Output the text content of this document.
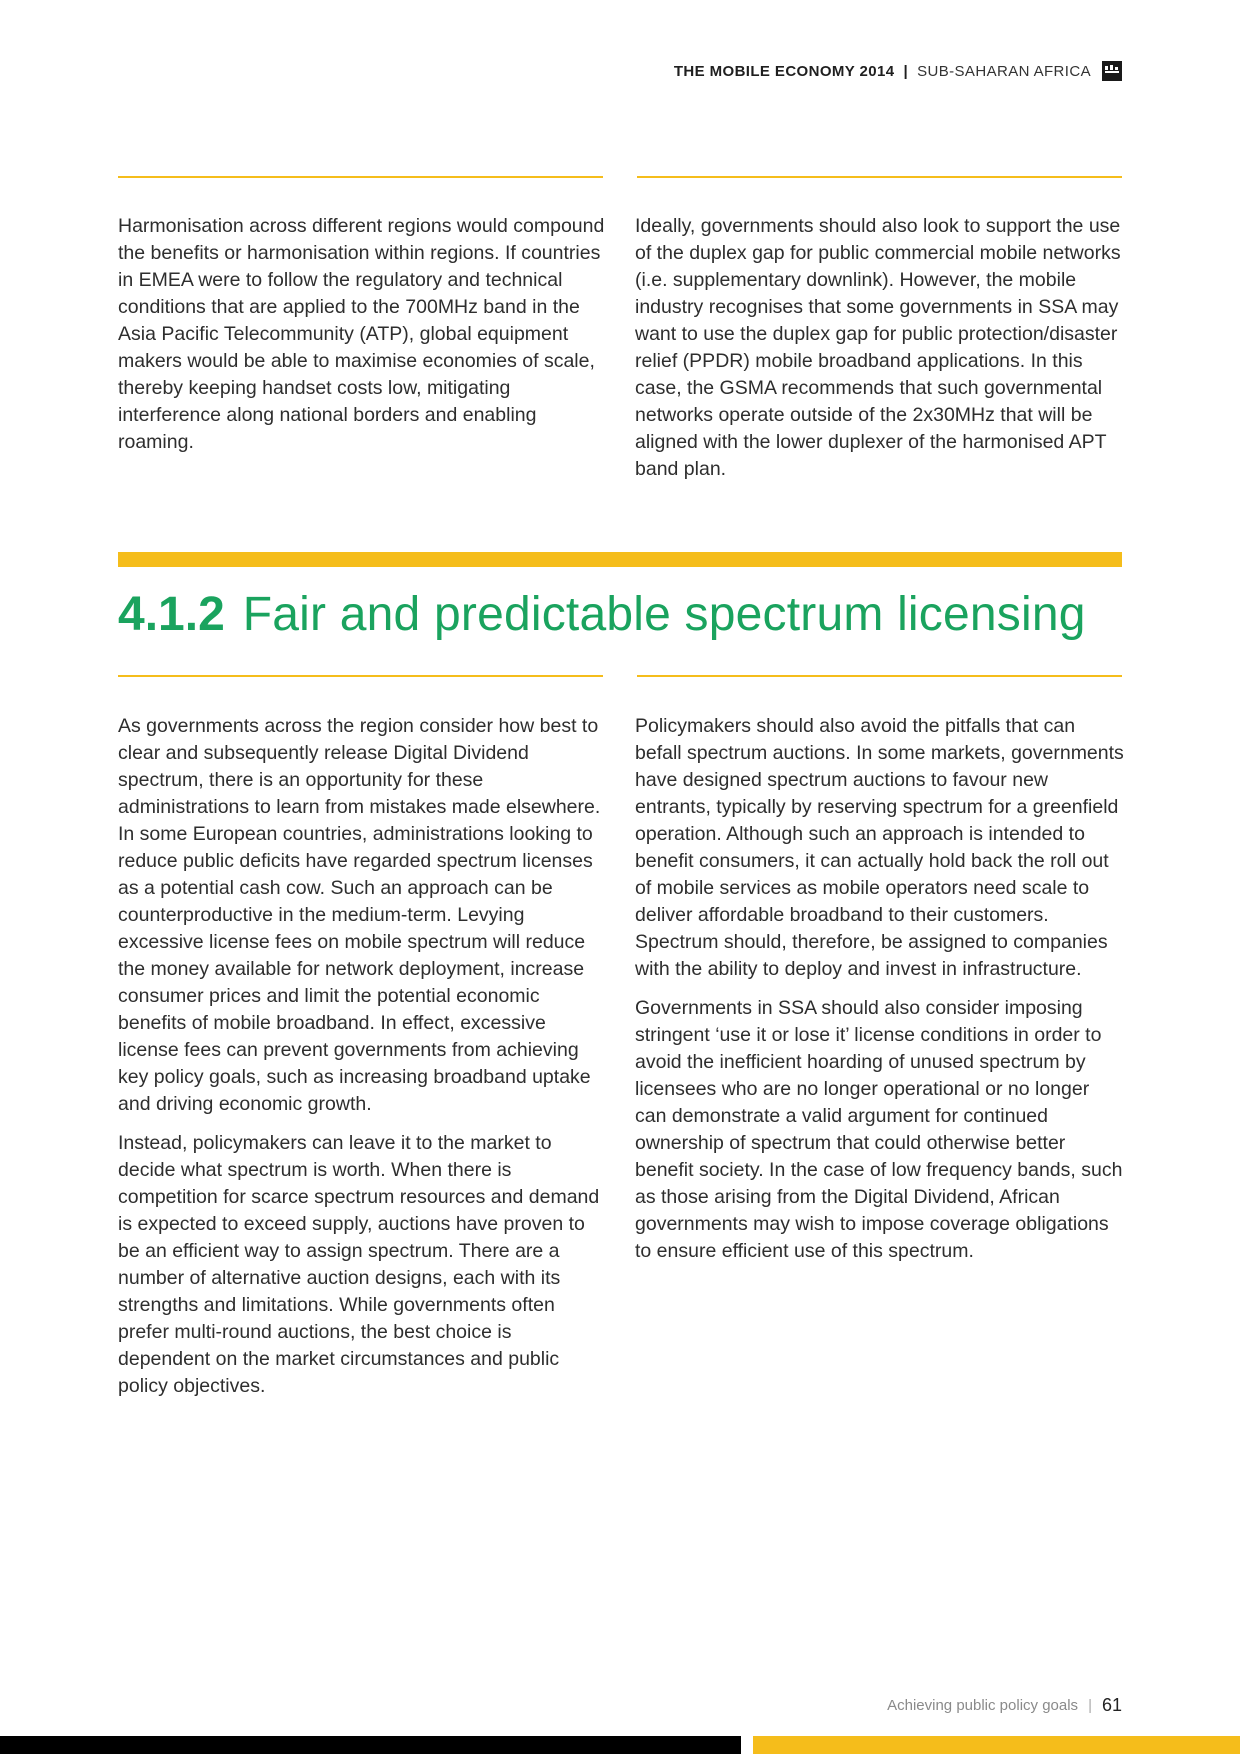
THE MOBILE ECONOMY 2014 | SUB-SAHARAN AFRICA

Harmonisation across different regions would compound the benefits or harmonisation within regions. If countries in EMEA were to follow the regulatory and technical conditions that are applied to the 700MHz band in the Asia Pacific Telecommunity (ATP), global equipment makers would be able to maximise economies of scale, thereby keeping handset costs low, mitigating interference along national borders and enabling roaming.

Ideally, governments should also look to support the use of the duplex gap for public commercial mobile networks (i.e. supplementary downlink). However, the mobile industry recognises that some governments in SSA may want to use the duplex gap for public protection/disaster relief (PPDR) mobile broadband applications. In this case, the GSMA recommends that such governmental networks operate outside of the 2x30MHz that will be aligned with the lower duplexer of the harmonised APT band plan.

4.1.2 Fair and predictable spectrum licensing

As governments across the region consider how best to clear and subsequently release Digital Dividend spectrum, there is an opportunity for these administrations to learn from mistakes made elsewhere. In some European countries, administrations looking to reduce public deficits have regarded spectrum licenses as a potential cash cow. Such an approach can be counterproductive in the medium-term. Levying excessive license fees on mobile spectrum will reduce the money available for network deployment, increase consumer prices and limit the potential economic benefits of mobile broadband. In effect, excessive license fees can prevent governments from achieving key policy goals, such as increasing broadband uptake and driving economic growth.

Instead, policymakers can leave it to the market to decide what spectrum is worth. When there is competition for scarce spectrum resources and demand is expected to exceed supply, auctions have proven to be an efficient way to assign spectrum. There are a number of alternative auction designs, each with its strengths and limitations. While governments often prefer multi-round auctions, the best choice is dependent on the market circumstances and public policy objectives.

Policymakers should also avoid the pitfalls that can befall spectrum auctions. In some markets, governments have designed spectrum auctions to favour new entrants, typically by reserving spectrum for a greenfield operation. Although such an approach is intended to benefit consumers, it can actually hold back the roll out of mobile services as mobile operators need scale to deliver affordable broadband to their customers. Spectrum should, therefore, be assigned to companies with the ability to deploy and invest in infrastructure.

Governments in SSA should also consider imposing stringent ‘use it or lose it’ license conditions in order to avoid the inefficient hoarding of unused spectrum by licensees who are no longer operational or no longer can demonstrate a valid argument for continued ownership of spectrum that could otherwise better benefit society. In the case of low frequency bands, such as those arising from the Digital Dividend, African governments may wish to impose coverage obligations to ensure efficient use of this spectrum.

Achieving public policy goals | 61
